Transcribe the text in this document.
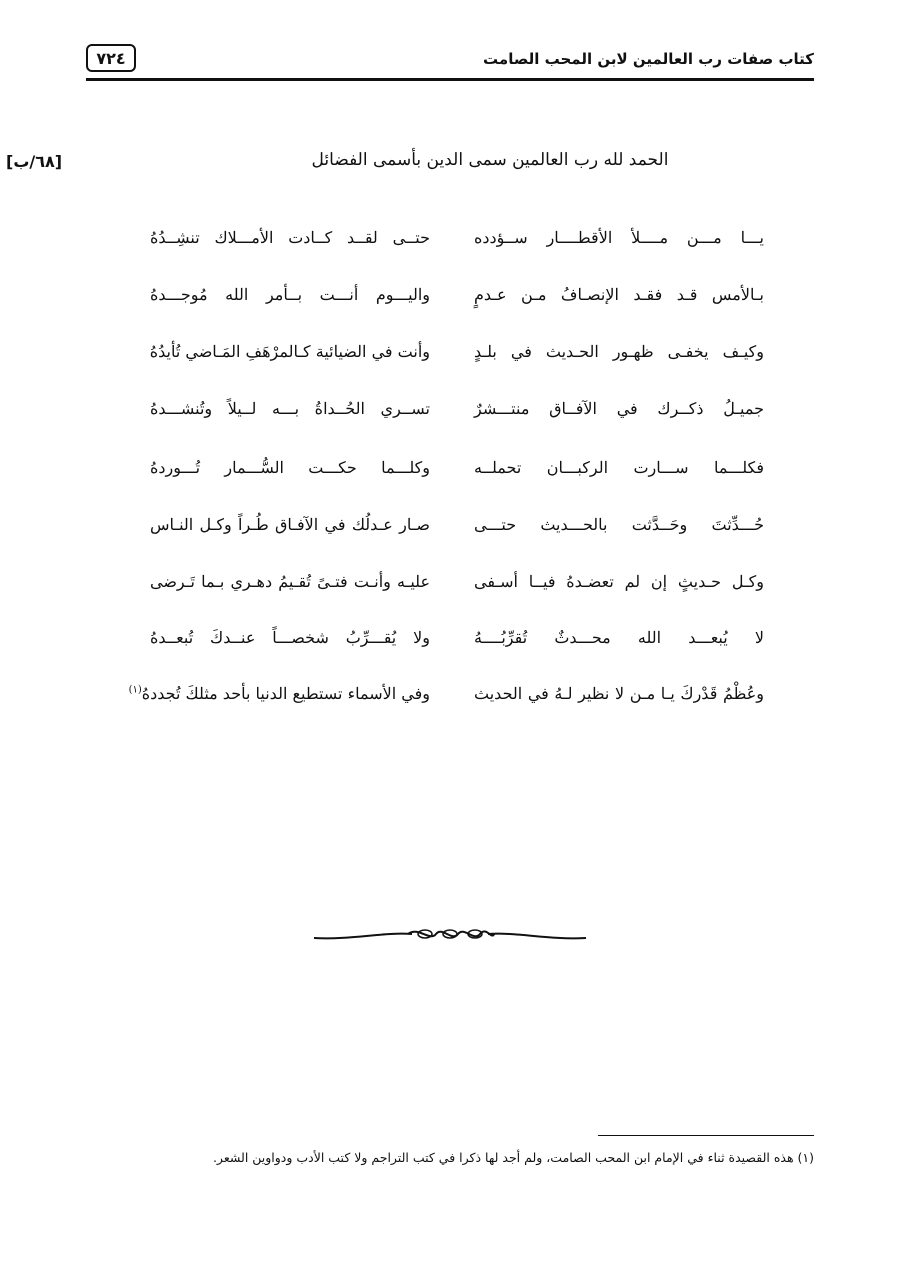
٧٢٤	كتاب صفات رب العالمين لابن المحب الصامت
[٦٨/ب]	الحمد لله رب العالمين سمى الدين بأسمى الفضائل
يـــا مـــن مــــلأ الأقطــــار ســؤدده
حتــى لقــد كــادت الأمـــلاك تنشِــدُهُ
بـالأمس قـد فقـد الإنصـافُ مـن عـدمٍ
واليـــوم أنـــت بــأمر الله مُوجـــدهُ
وكيـف يخفـى ظهـور الحـديث في بلـدٍ
وأنت في الضيائية كـالمرْهَفِ المَـاضي تُأيدُهُ
جميـلُ ذكــرك في الآفــاق منتـــشرٌ
تســري الحُــداةُ بـــه لــيلاً وتُنشـــدهُ
فكلـــما ســـارت الركبـــان تحملــه
وكلـــما حكـــت السُّـــمار تُـــوردهُ
حُـــدِّثتَ وحَــدَّثت بالحـــديث حتـــى
صـار عـدلُك في الآفـاق طُـراً وكـل النـاس
وكـل حـديثٍ إن لم تعضـدهُ فيــا أسـفى
عليـه وأنـت فتـىً تُقـيمُ دهـري بـما تَـرضى
لا يُبعـــد الله محـــدثٌ تُقرِّبُــــهُ
ولا يُقـــرِّبُ شخصـــاً عنــدكَ تُبعــدهُ
وعُظْمُ قَدْركَ يـا مـن لا نظير لـهُ في الحديث
وفي الأسماء تستطيع الدنيا بأحد مثلكَ تُجددهُ$^{(١)}$
(١) هذه القصيدة ثناء في الإمام ابن المحب الصامت، ولم أجد لها ذكرا في كتب التراجم ولا كتب الأدب ودواوين الشعر.
